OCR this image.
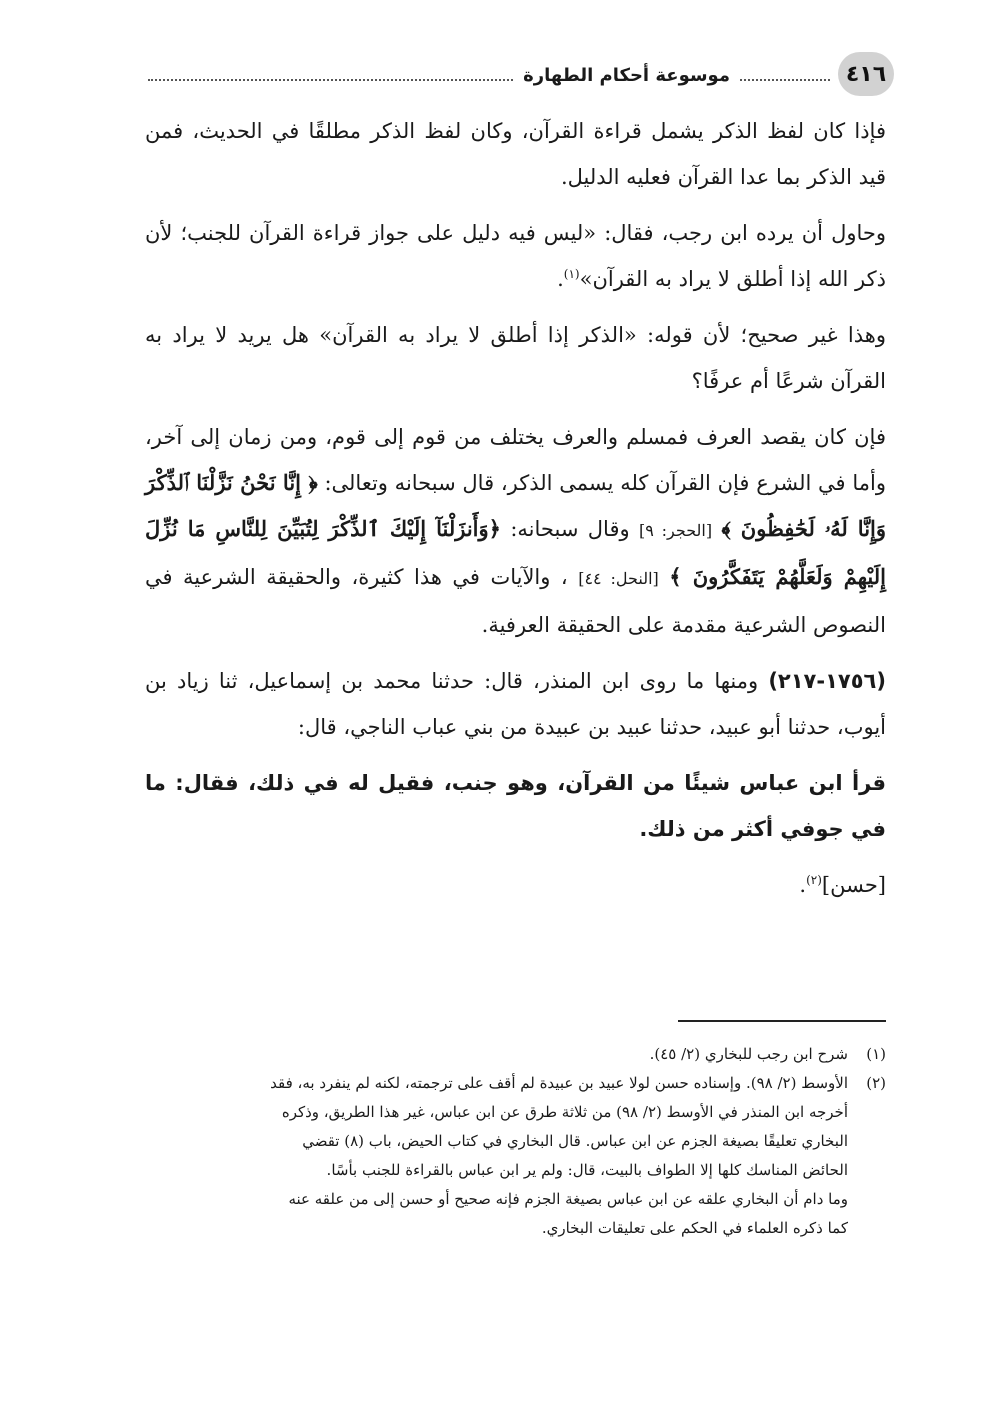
٤١٦
موسوعة أحكام الطهارة

فإذا كان لفظ الذكر يشمل قراءة القرآن، وكان لفظ الذكر مطلقًا في الحديث، فمن قيد الذكر بما عدا القرآن فعليه الدليل.

وحاول أن يرده ابن رجب، فقال: «ليس فيه دليل على جواز قراءة القرآن للجنب؛ لأن ذكر الله إذا أطلق لا يراد به القرآن»$^{(١)}$.

وهذا غير صحيح؛ لأن قوله: «الذكر إذا أطلق لا يراد به القرآن» هل يريد لا يراد به القرآن شرعًا أم عرفًا؟

فإن كان يقصد العرف فمسلم والعرف يختلف من قوم إلى قوم، ومن زمان إلى آخر، وأما في الشرع فإن القرآن كله يسمى الذكر، قال سبحانه وتعالى: ﴿ إِنَّا نَحْنُ نَزَّلْنَا ٱلذِّكْرَ وَإِنَّا لَهُۥ لَحَٰفِظُونَ ﴾ [الحجر: ٩] وقال سبحانه: ﴿وَأَنزَلْنَآ إِلَيْكَ ٱلذِّكْرَ لِتُبَيِّنَ لِلنَّاسِ مَا نُزِّلَ إِلَيْهِمْ وَلَعَلَّهُمْ يَتَفَكَّرُونَ ﴾ [النحل: ٤٤] ، والآيات في هذا كثيرة، والحقيقة الشرعية في النصوص الشرعية مقدمة على الحقيقة العرفية.

(١٧٥٦-٢١٧) ومنها ما روى ابن المنذر، قال: حدثنا محمد بن إسماعيل، ثنا زياد بن أيوب، حدثنا أبو عبيد، حدثنا عبيد بن عبيدة من بني عباب الناجي، قال:

قرأ ابن عباس شيئًا من القرآن، وهو جنب، فقيل له في ذلك، فقال: ما في جوفي أكثر من ذلك.

[حسن]$^{(٢)}$.

(١)
شرح ابن رجب للبخاري (٢/ ٤٥).
(٢)
الأوسط (٢/ ٩٨). وإسناده حسن لولا عبيد بن عبيدة لم أقف على ترجمته، لكنه لم ينفرد به، فقد
أخرجه ابن المنذر في الأوسط (٢/ ٩٨) من ثلاثة طرق عن ابن عباس، غير هذا الطريق، وذكره
البخاري تعليقًا بصيغة الجزم عن ابن عباس. قال البخاري في كتاب الحيض، باب (٨) تقضي
الحائض المناسك كلها إلا الطواف بالبيت، قال: ولم ير ابن عباس بالقراءة للجنب بأسًا.
وما دام أن البخاري علقه عن ابن عباس بصيغة الجزم فإنه صحيح أو حسن إلى من علقه عنه
كما ذكره العلماء في الحكم على تعليقات البخاري.
